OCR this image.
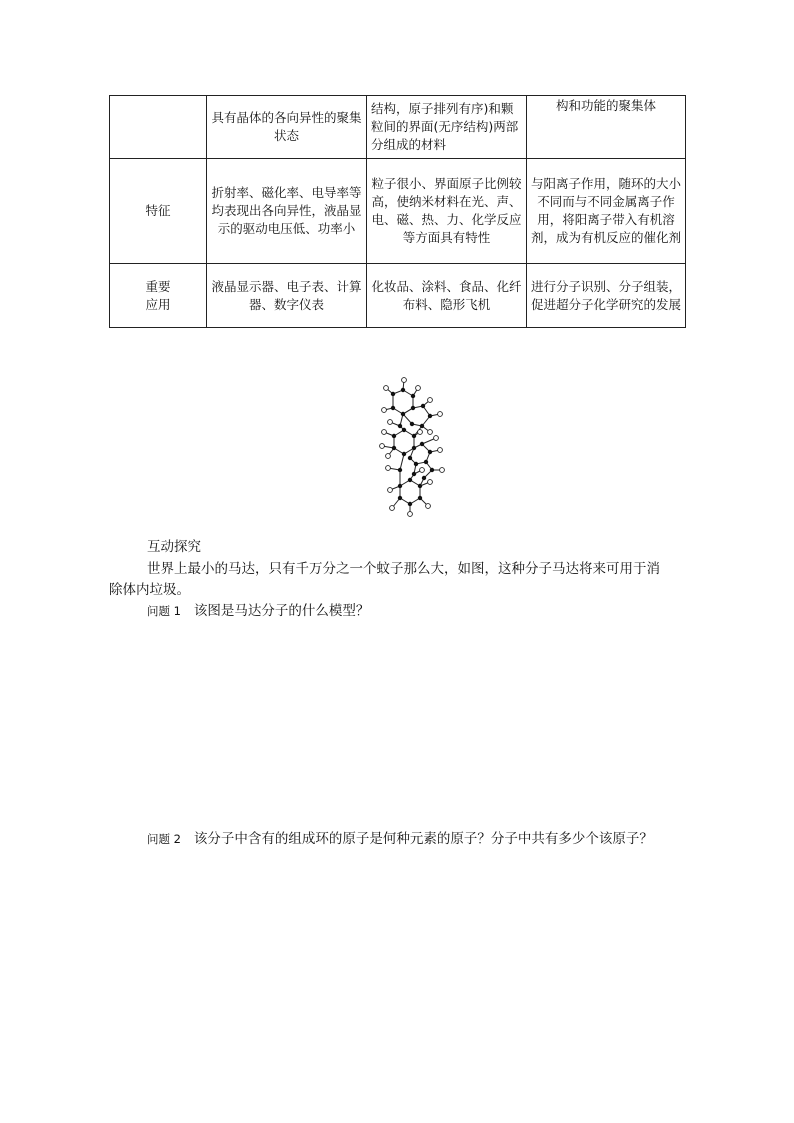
	具有晶体的各向异性的聚集状态	结构，原子排列有序)和颗粒间的界面(无序结构)两部分组成的材料	构和功能的聚集体
特征	折射率、磁化率、电导率等均表现出各向异性，液晶显示的驱动电压低、功率小	粒子很小、界面原子比例较高，使纳米材料在光、声、电、磁、热、力、化学反应等方面具有特性	与阳离子作用，随环的大小不同而与不同金属离子作用，将阳离子带入有机溶剂，成为有机反应的催化剂
重要应用	液晶显示器、电子表、计算器、数字仪表	化妆品、涂料、食品、化纤布料、隐形飞机	进行分子识别、分子组装，促进超分子化学研究的发展
互动探究
世界上最小的马达，只有千万分之一个蚊子那么大，如图，这种分子马达将来可用于消
除体内垃圾。
问题 1 该图是马达分子的什么模型？
问题 2 该分子中含有的组成环的原子是何种元素的原子？分子中共有多少个该原子？
